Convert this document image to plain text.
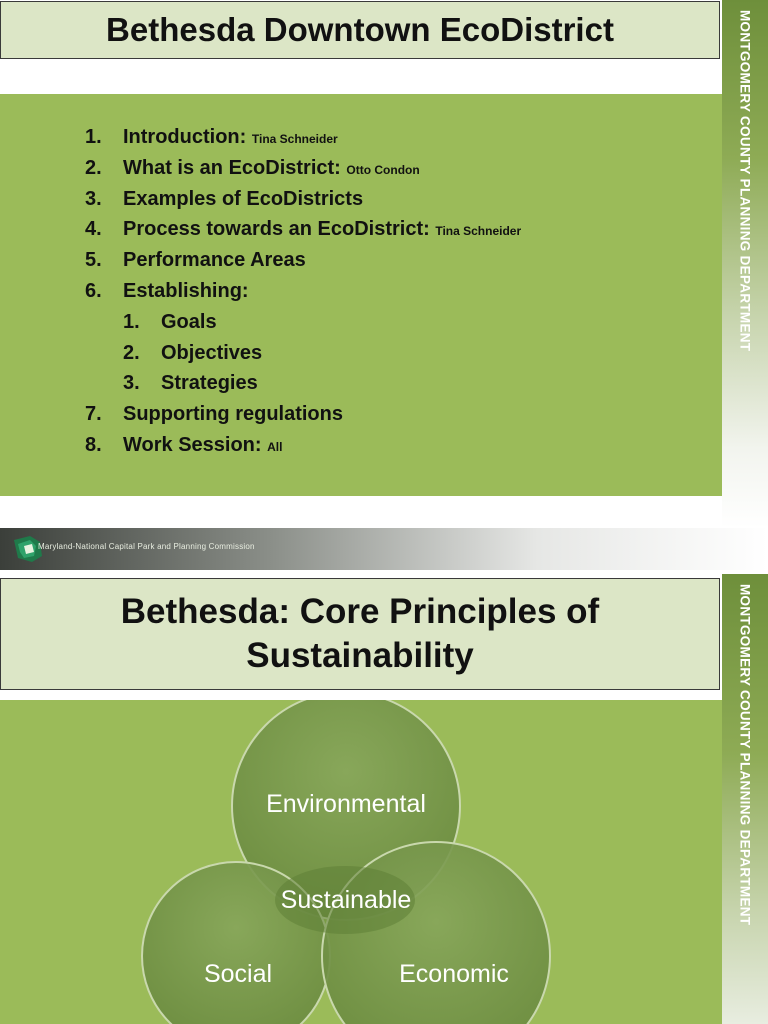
Bethesda Downtown EcoDistrict
1. Introduction: Tina Schneider
2. What is an EcoDistrict: Otto Condon
3. Examples of EcoDistricts
4. Process towards an EcoDistrict: Tina Schneider
5. Performance Areas
6. Establishing:
1. Goals
2. Objectives
3. Strategies
7. Supporting regulations
8. Work Session: All
MONTGOMERY COUNTY PLANNING DEPARTMENT
Maryland-National Capital Park and Planning Commission
Bethesda: Core Principles of Sustainability
Environmental
Sustainable
Social	Economic
MONTGOMERY COUNTY PLANNING DEPARTMENT
